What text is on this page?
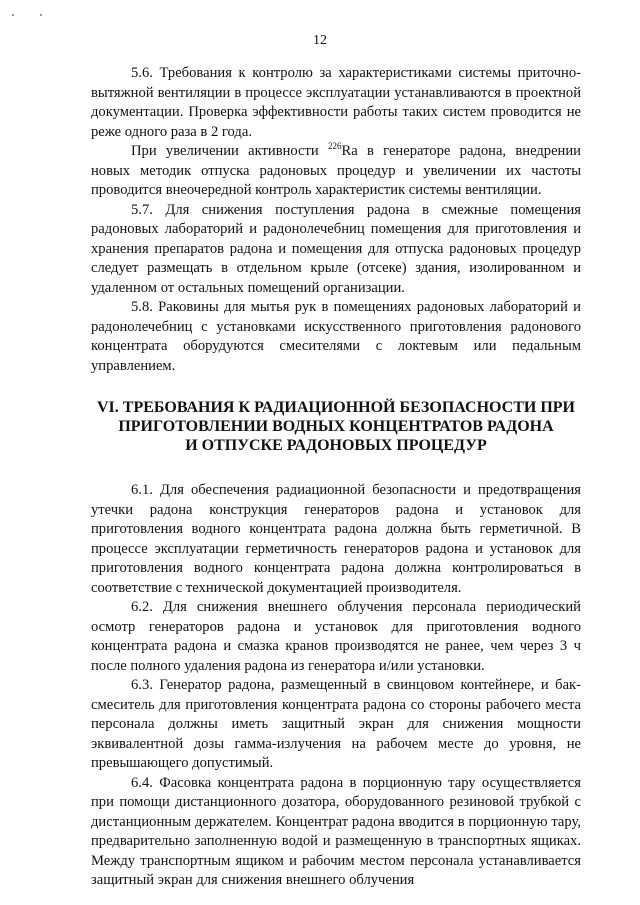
12

5.6. Требования к контролю за характеристиками системы приточно-вытяжной вентиляции в процессе эксплуатации устанавливаются в проектной документации. Проверка эффективности работы таких систем проводится не реже одного раза в 2 года.

При увеличении активности $^{226}$Ra в генераторе радона, внедрении новых методик отпуска радоновых процедур и увеличении их частоты проводится внеочередной контроль характеристик системы вентиляции.

5.7. Для снижения поступления радона в смежные помещения радоновых лабораторий и радонолечебниц помещения для приготовления и хранения препаратов радона и помещения для отпуска радоновых процедур следует размещать в отдельном крыле (отсеке) здания, изолированном и удаленном от остальных помещений организации.

5.8. Раковины для мытья рук в помещениях радоновых лабораторий и радонолечебниц с установками искусственного приготовления радонового концентрата оборудуются смесителями с локтевым или педальным управлением.

VI. ТРЕБОВАНИЯ К РАДИАЦИОННОЙ БЕЗОПАСНОСТИ ПРИ
ПРИГОТОВЛЕНИИ ВОДНЫХ КОНЦЕНТРАТОВ РАДОНА
И ОТПУСКЕ РАДОНОВЫХ ПРОЦЕДУР

6.1. Для обеспечения радиационной безопасности и предотвращения утечки радона конструкция генераторов радона и установок для приготовления водного концентрата радона должна быть герметичной. В процессе эксплуатации герметичность генераторов радона и установок для приготовления водного концентрата радона должна контролироваться в соответствие с технической документацией производителя.

6.2. Для снижения внешнего облучения персонала периодический осмотр генераторов радона и установок для приготовления водного концентрата радона и смазка кранов производятся не ранее, чем через 3 ч после полного удаления радона из генератора и/или установки.

6.3. Генератор радона, размещенный в свинцовом контейнере, и бак-смеситель для приготовления концентрата радона со стороны рабочего места персонала должны иметь защитный экран для снижения мощности эквивалентной дозы гамма-излучения на рабочем месте до уровня, не превышающего допустимый.

6.4. Фасовка концентрата радона в порционную тару осуществляется при помощи дистанционного дозатора, оборудованного резиновой трубкой с дистанционным держателем. Концентрат радона вводится в порционную тару, предварительно заполненную водой и размещенную в транспортных ящиках. Между транспортным ящиком и рабочим местом персонала устанавливается защитный экран для снижения внешнего облучения
